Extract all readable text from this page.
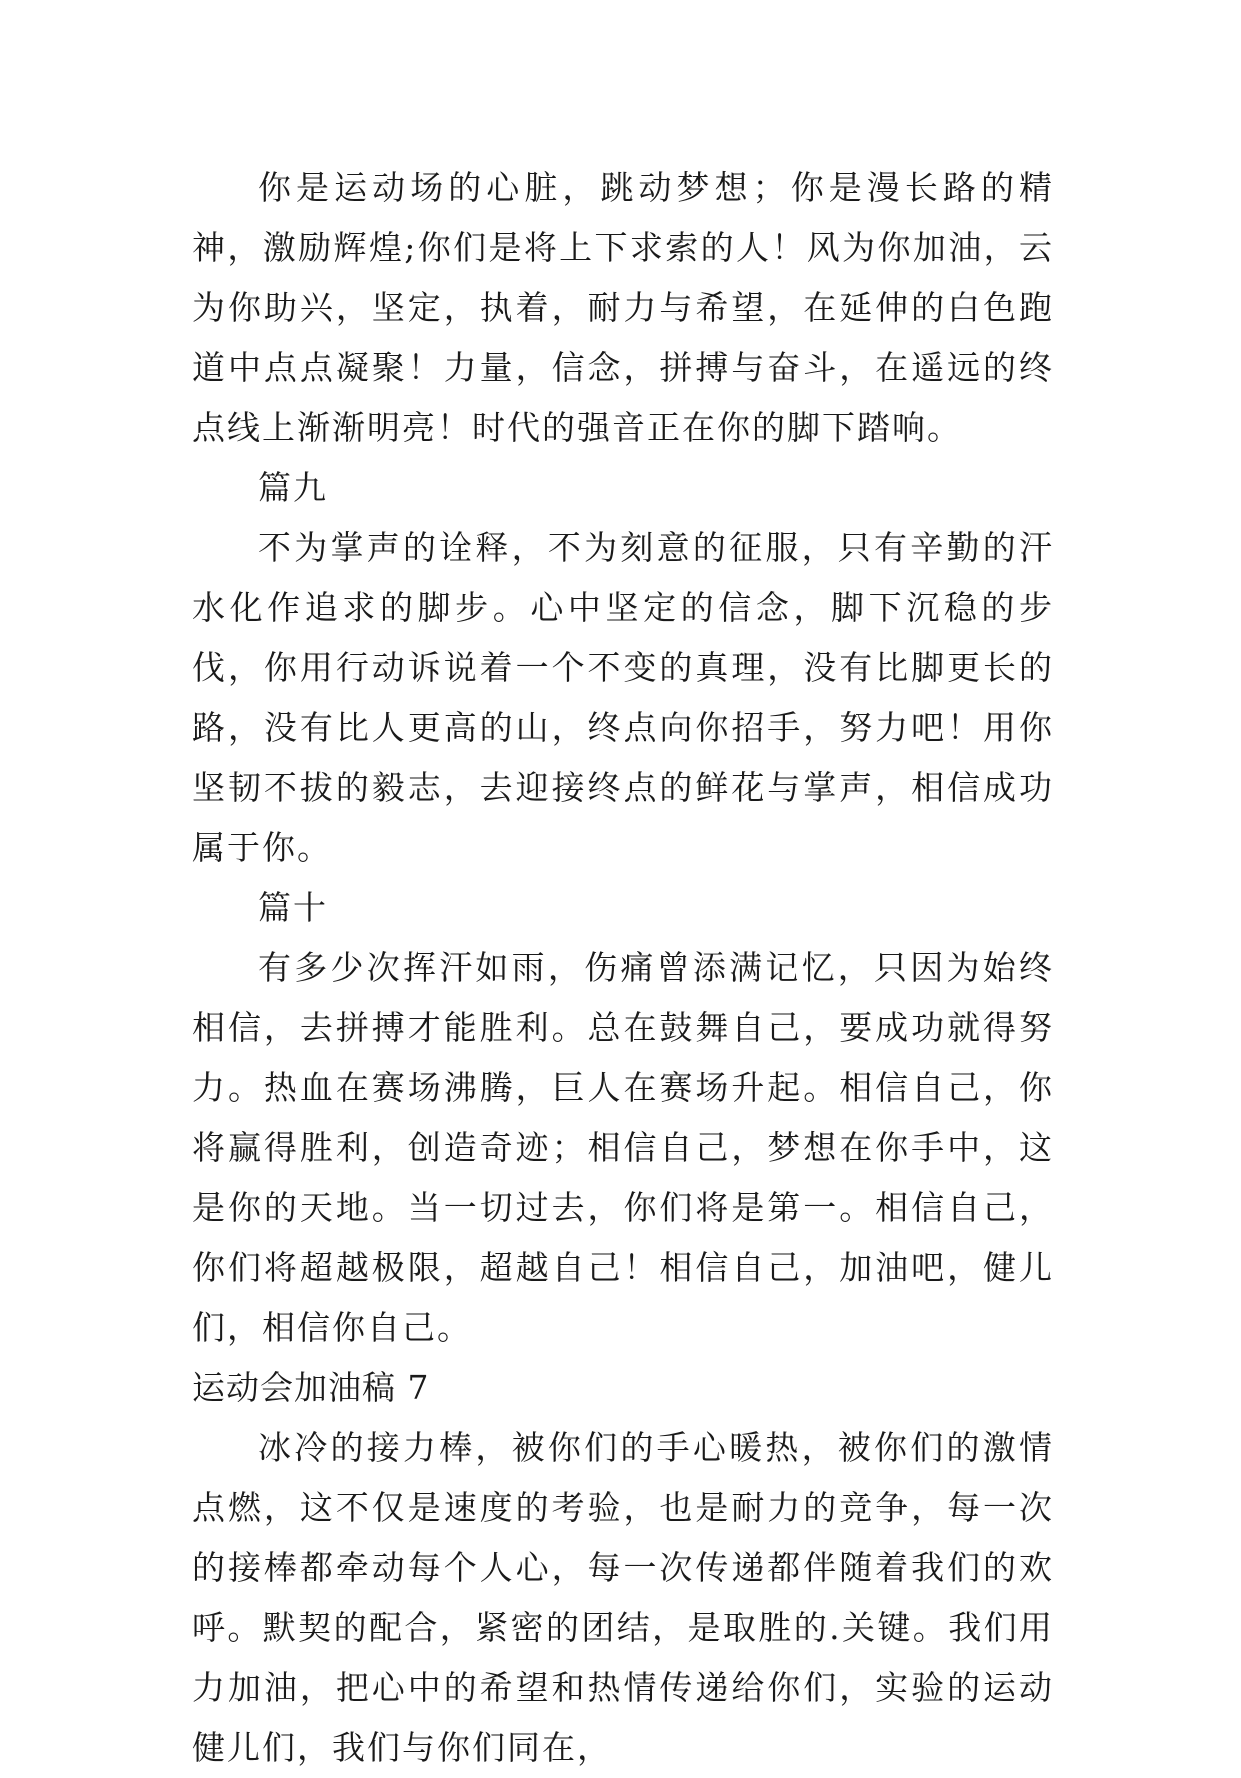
你是运动场的心脏，跳动梦想；你是漫长路的精神，激励辉煌;你们是将上下求索的人！风为你加油，云为你助兴，坚定，执着，耐力与希望，在延伸的白色跑道中点点凝聚！力量，信念，拼搏与奋斗，在遥远的终点线上渐渐明亮！时代的强音正在你的脚下踏响。

篇九

不为掌声的诠释，不为刻意的征服，只有辛勤的汗水化作追求的脚步。心中坚定的信念，脚下沉稳的步伐，你用行动诉说着一个不变的真理，没有比脚更长的路，没有比人更高的山，终点向你招手，努力吧！用你坚韧不拔的毅志，去迎接终点的鲜花与掌声，相信成功属于你。

篇十

有多少次挥汗如雨，伤痛曾添满记忆，只因为始终相信，去拼搏才能胜利。总在鼓舞自己，要成功就得努力。热血在赛场沸腾，巨人在赛场升起。相信自己，你将赢得胜利，创造奇迹；相信自己，梦想在你手中，这是你的天地。当一切过去，你们将是第一。相信自己，你们将超越极限，超越自己！相信自己，加油吧，健儿们，相信你自己。

运动会加油稿 7

冰冷的接力棒，被你们的手心暖热，被你们的激情点燃，这不仅是速度的考验，也是耐力的竞争，每一次的接棒都牵动每个人心，每一次传递都伴随着我们的欢呼。默契的配合，紧密的团结，是取胜的.关键。我们用力加油，把心中的希望和热情传递给你们，实验的运动健儿们，我们与你们同在，
